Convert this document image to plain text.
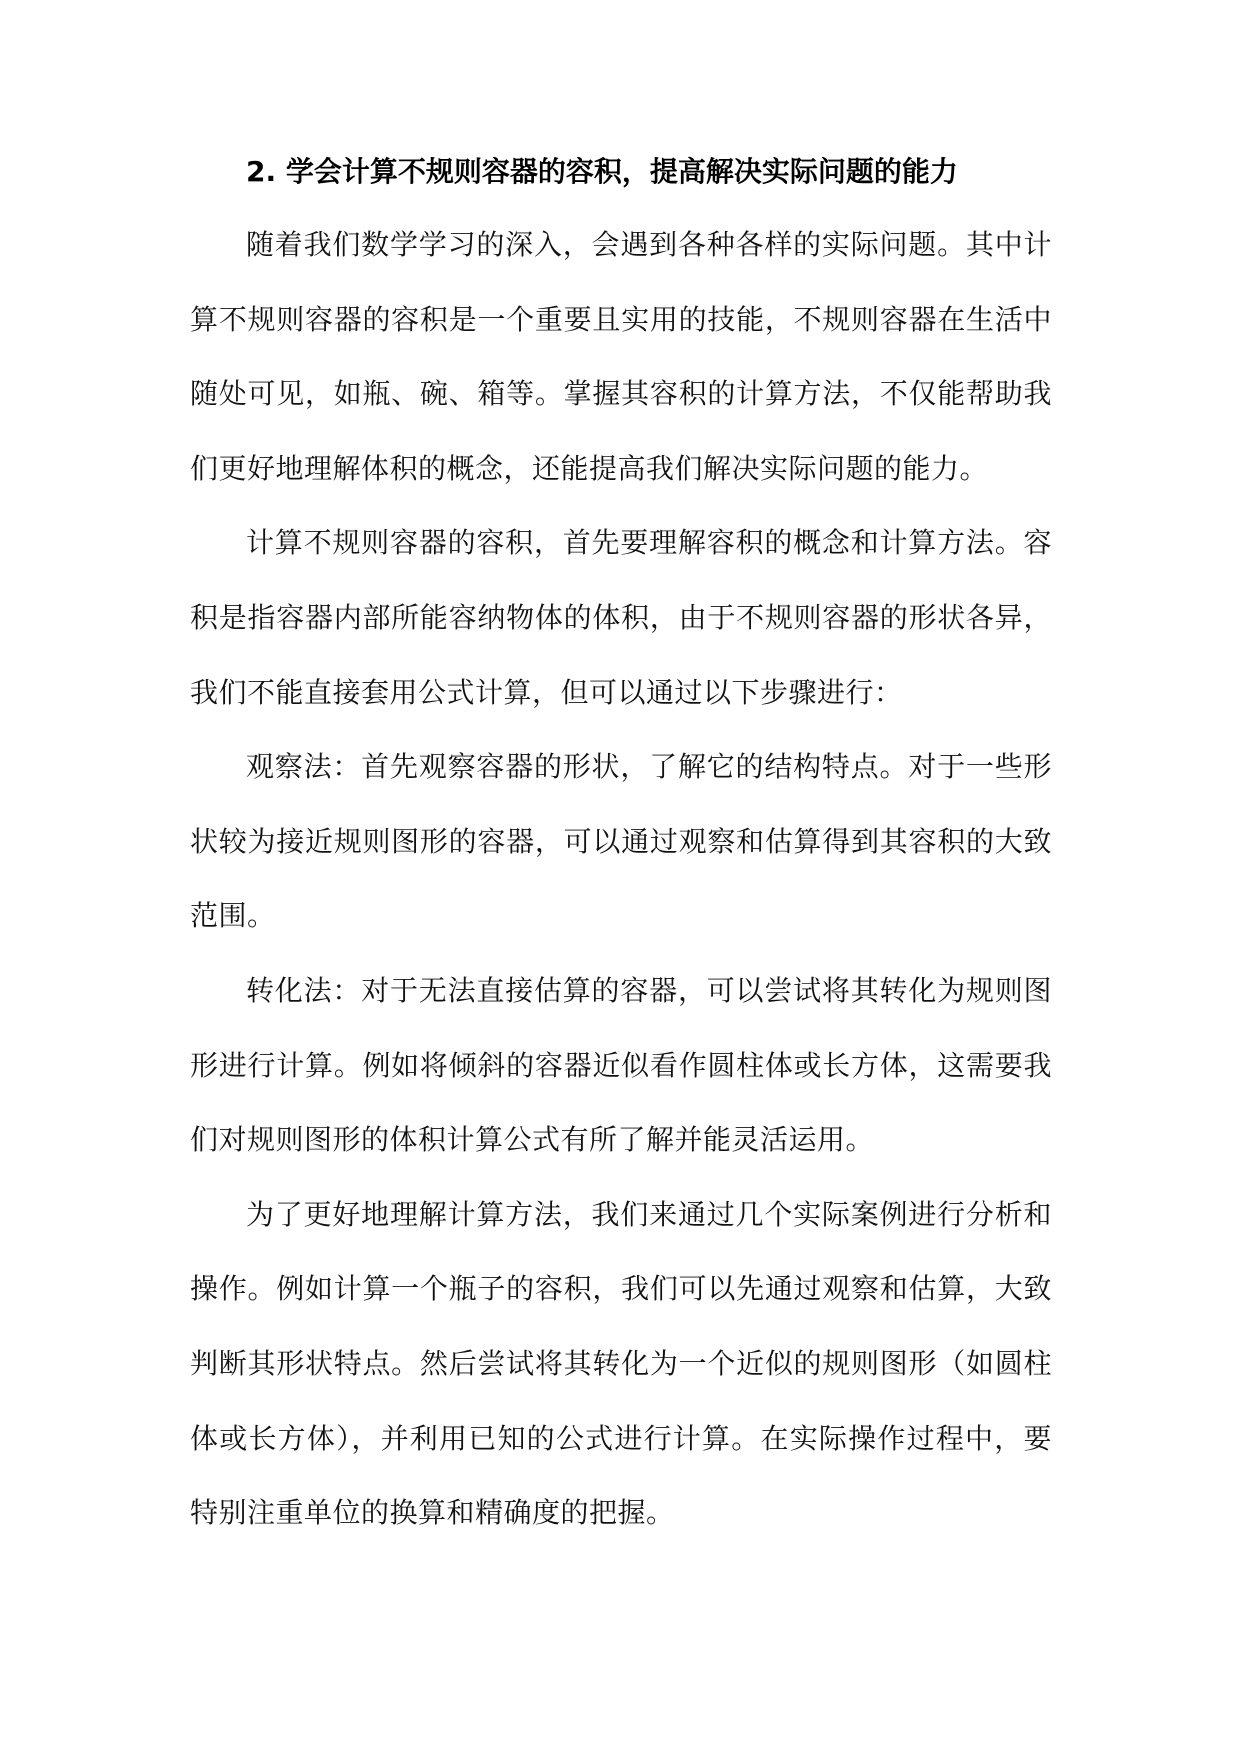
2. 学会计算不规则容器的容积，提高解决实际问题的能力

随着我们数学学习的深入，会遇到各种各样的实际问题。其中计算不规则容器的容积是一个重要且实用的技能，不规则容器在生活中随处可见，如瓶、碗、箱等。掌握其容积的计算方法，不仅能帮助我们更好地理解体积的概念，还能提高我们解决实际问题的能力。

计算不规则容器的容积，首先要理解容积的概念和计算方法。容积是指容器内部所能容纳物体的体积，由于不规则容器的形状各异，我们不能直接套用公式计算，但可以通过以下步骤进行：

观察法：首先观察容器的形状，了解它的结构特点。对于一些形状较为接近规则图形的容器，可以通过观察和估算得到其容积的大致范围。

转化法：对于无法直接估算的容器，可以尝试将其转化为规则图形进行计算。例如将倾斜的容器近似看作圆柱体或长方体，这需要我们对规则图形的体积计算公式有所了解并能灵活运用。

为了更好地理解计算方法，我们来通过几个实际案例进行分析和操作。例如计算一个瓶子的容积，我们可以先通过观察和估算，大致判断其形状特点。然后尝试将其转化为一个近似的规则图形（如圆柱体或长方体），并利用已知的公式进行计算。在实际操作过程中，要特别注重单位的换算和精确度的把握。
